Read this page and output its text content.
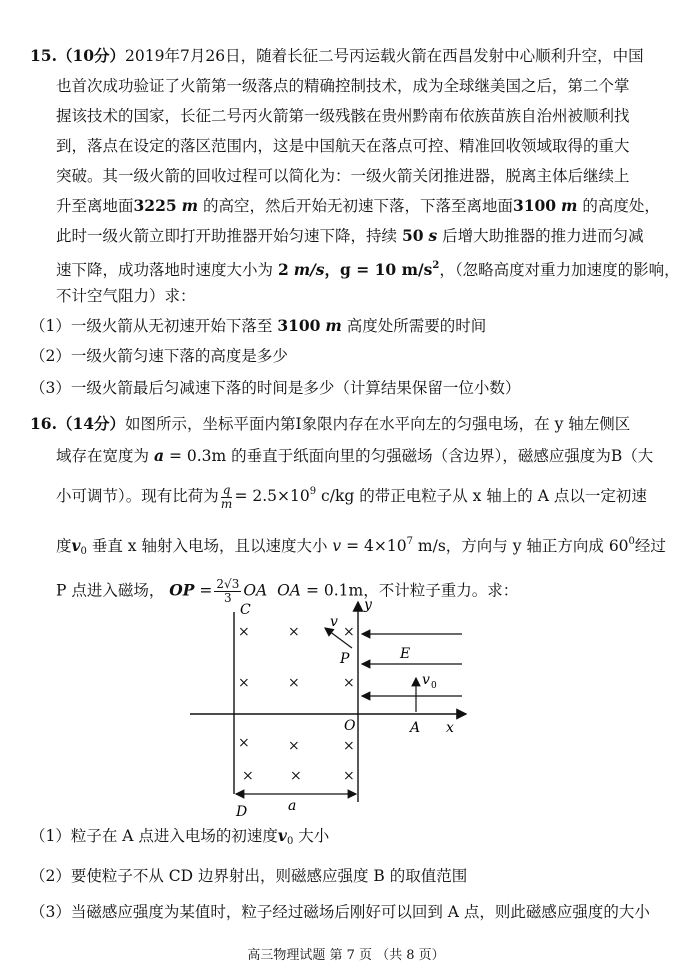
15.（10分）2019年7月26日，随着长征二号丙运载火箭在西昌发射中心顺利升空，中国
也首次成功验证了火箭第一级落点的精确控制技术，成为全球继美国之后，第二个掌
握该技术的国家，长征二号丙火箭第一级残骸在贵州黔南布依族苗族自治州被顺利找
到，落点在设定的落区范围内，这是中国航天在落点可控、精准回收领域取得的重大
突破。其一级火箭的回收过程可以简化为：一级火箭关闭推进器，脱离主体后继续上
升至离地面3225 m 的高空，然后开始无初速下落，下落至离地面3100 m 的高度处，
此时一级火箭立即打开助推器开始匀速下降，持续 50 s 后增大助推器的推力进而匀减
速下降，成功落地时速度大小为 2 m/s，g = 10 $m/s^2$，（忽略高度对重力加速度的影响，
不计空气阻力）求：
（1）一级火箭从无初速开始下落至 3100 m 高度处所需要的时间
（2）一级火箭匀速下落的高度是多少
（3）一级火箭最后匀减速下落的时间是多少（计算结果保留一位小数）
16.（14分）如图所示，坐标平面内第Ⅰ象限内存在水平向左的匀强电场，在 y 轴左侧区
域存在宽度为 a = 0.3m 的垂直于纸面向里的匀强磁场（含边界），磁感应强度为B（大
小可调节）。现有比荷为 $\frac{q}{m} = 2.5\times 10^9$ c/kg 的带正电粒子从 x 轴上的 A 点以一定初速
度$v_0$ 垂直 x 轴射入电场，且以速度大小 $v = 4\times 10^7$ m/s，方向与 y 轴正方向成 $60^0$经过
P 点进入磁场， OP = $\frac{2√3}{3}$ OA OA = 0.1m，不计粒子重力。求：
C
D
y
x
O
×	×	×
×	×	×
×	×	×
×	×	×
E
P
v
v 0
A
a
（1）粒子在 A 点进入电场的初速度$v_0$ 大小
（2）要使粒子不从 CD 边界射出，则磁感应强度 B 的取值范围
（3）当磁感应强度为某值时，粒子经过磁场后刚好可以回到 A 点，则此磁感应强度的大小
高三物理试题 第 7 页 （共 8 页）
